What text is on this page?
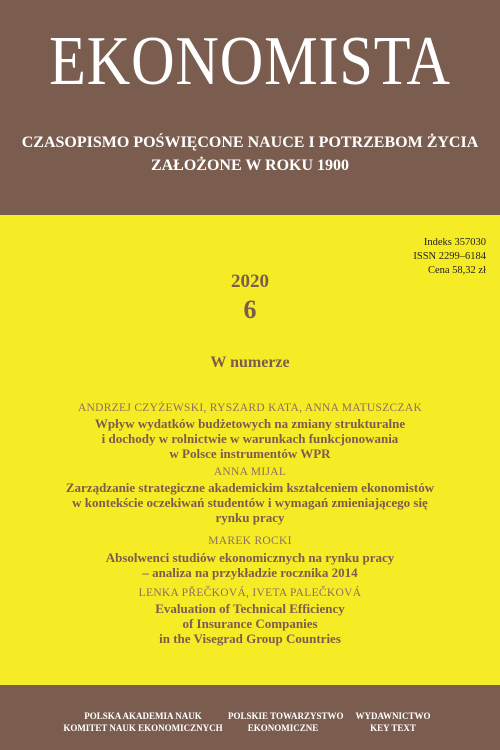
EKONOMISTA
CZASOPISMO POŚWIĘCONE NAUCE I POTRZEBOM ŻYCIA
ZAŁOŻONE W ROKU 1900
Indeks 357030
ISSN 2299–6184
Cena 58,32 zł
2020
6
W numerze
ANDRZEJ CZYŻEWSKI, RYSZARD KATA, ANNA MATUSZCZAK
Wpływ wydatków budżetowych na zmiany strukturalne
i dochody w rolnictwie w warunkach funkcjonowania
w Polsce instrumentów WPR
ANNA MIJAL
Zarządzanie strategiczne akademickim kształceniem ekonomistów
w kontekście oczekiwań studentów i wymagań zmieniającego się
rynku pracy
MAREK ROCKI
Absolwenci studiów ekonomicznych na rynku pracy
– analiza na przykładzie rocznika 2014
LENKA PŘEČKOVÁ, IVETA PALEČKOVÁ
Evaluation of Technical Efficiency
of Insurance Companies
in the Visegrad Group Countries
POLSKA AKADEMIA NAUK
KOMITET NAUK EKONOMICZNYCH
POLSKIE TOWARZYSTWO
EKONOMICZNE
WYDAWNICTWO
KEY TEXT
